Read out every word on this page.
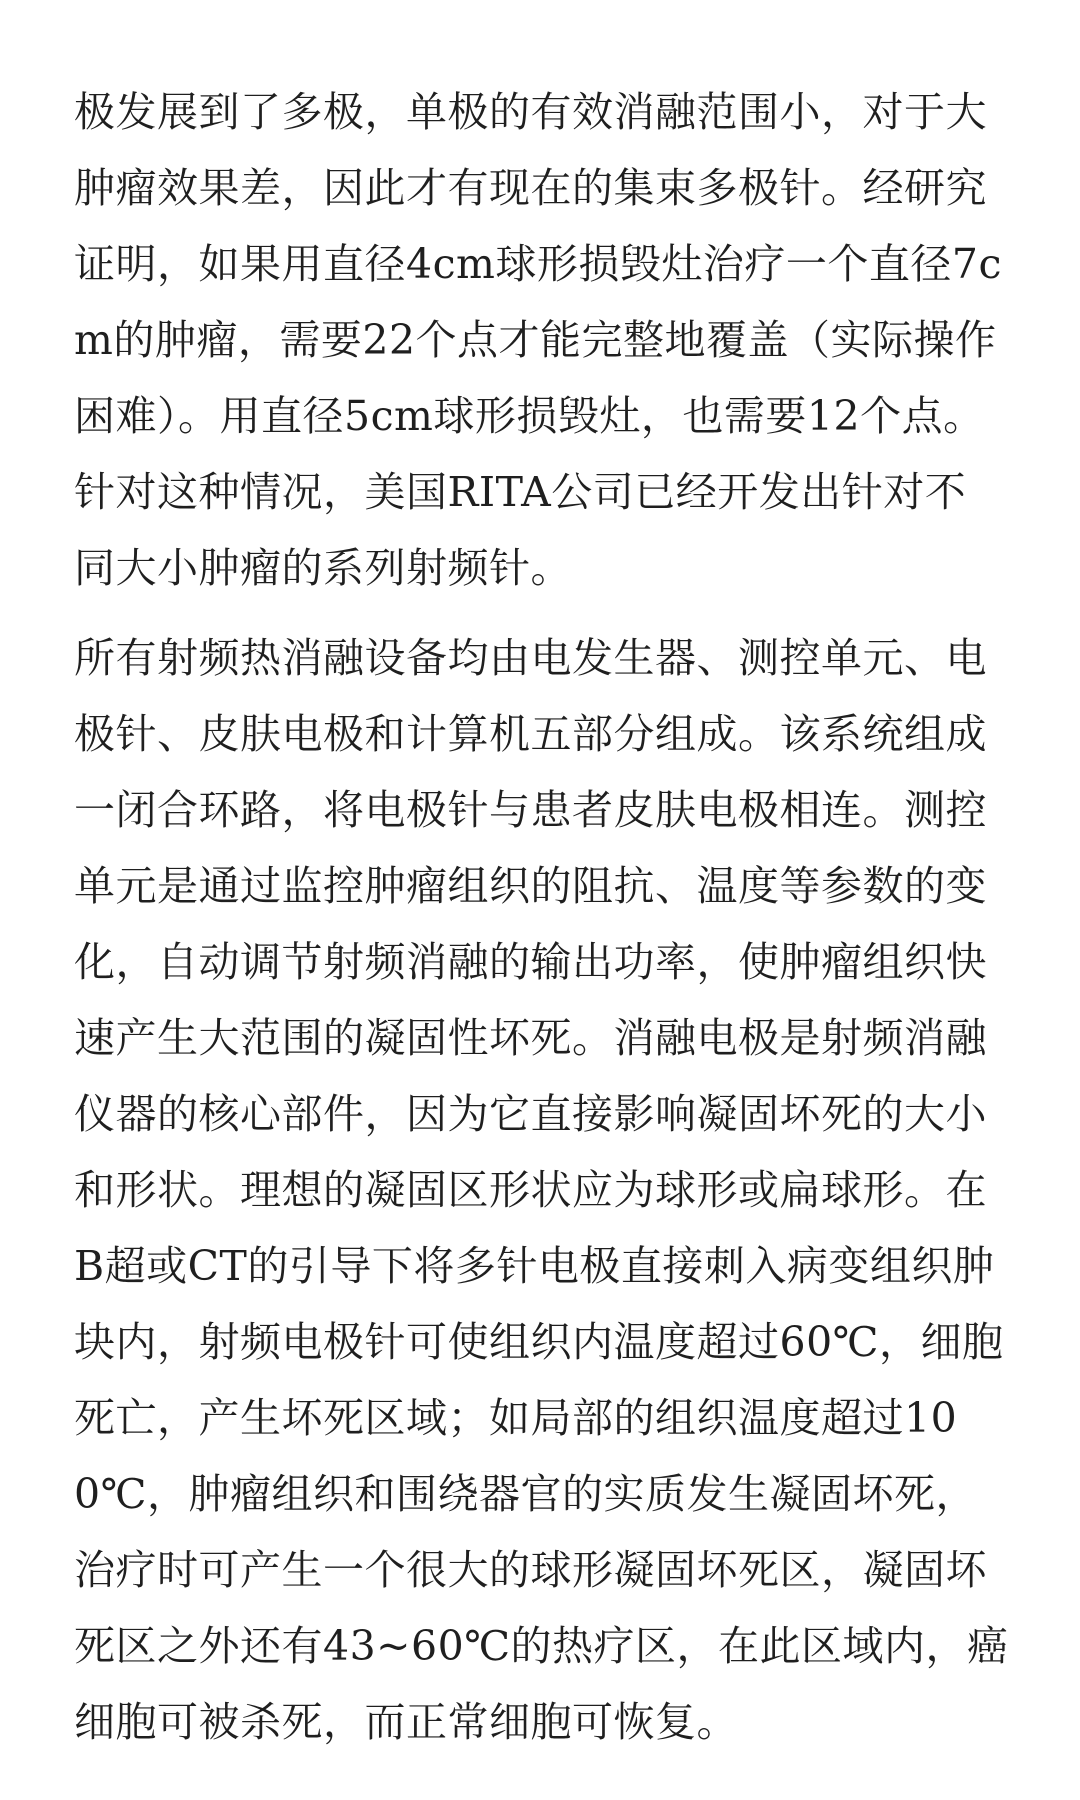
极发展到了多极，单极的有效消融范围小，对于大
肿瘤效果差，因此才有现在的集束多极针。经研究
证明，如果用直径4cm球形损毁灶治疗一个直径7c
m的肿瘤，需要22个点才能完整地覆盖（实际操作
困难）。用直径5cm球形损毁灶，也需要12个点。
针对这种情况，美国RITA公司已经开发出针对不
同大小肿瘤的系列射频针。

所有射频热消融设备均由电发生器、测控单元、电
极针、皮肤电极和计算机五部分组成。该系统组成
一闭合环路，将电极针与患者皮肤电极相连。测控
单元是通过监控肿瘤组织的阻抗、温度等参数的变
化，自动调节射频消融的输出功率，使肿瘤组织快
速产生大范围的凝固性坏死。消融电极是射频消融
仪器的核心部件，因为它直接影响凝固坏死的大小
和形状。理想的凝固区形状应为球形或扁球形。在
B超或CT的引导下将多针电极直接刺入病变组织肿
块内，射频电极针可使组织内温度超过60℃，细胞
死亡，产生坏死区域；如局部的组织温度超过10
0℃，肿瘤组织和围绕器官的实质发生凝固坏死，
治疗时可产生一个很大的球形凝固坏死区，凝固坏
死区之外还有43~60℃的热疗区，在此区域内，癌
细胞可被杀死，而正常细胞可恢复。
